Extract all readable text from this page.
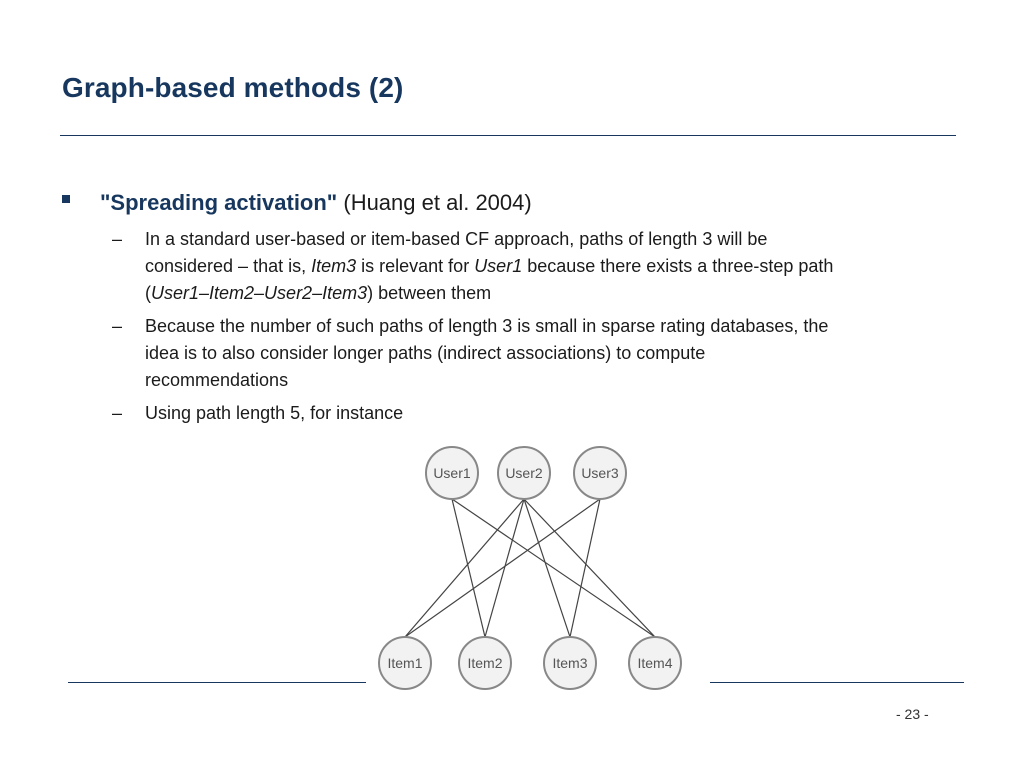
Graph-based methods (2)
"Spreading activation" (Huang et al. 2004)
– In a standard user-based or item-based CF approach, paths of length 3 will be
considered – that is, Item3 is relevant for User1 because there exists a three-step path
(User1–Item2–User2–Item3) between them
– Because the number of such paths of length 3 is small in sparse rating databases, the
idea is to also consider longer paths (indirect associations) to compute
recommendations
– Using path length 5, for instance
User1 User2	User3
Item1	Item2	Item3	Item4
- 23 -
